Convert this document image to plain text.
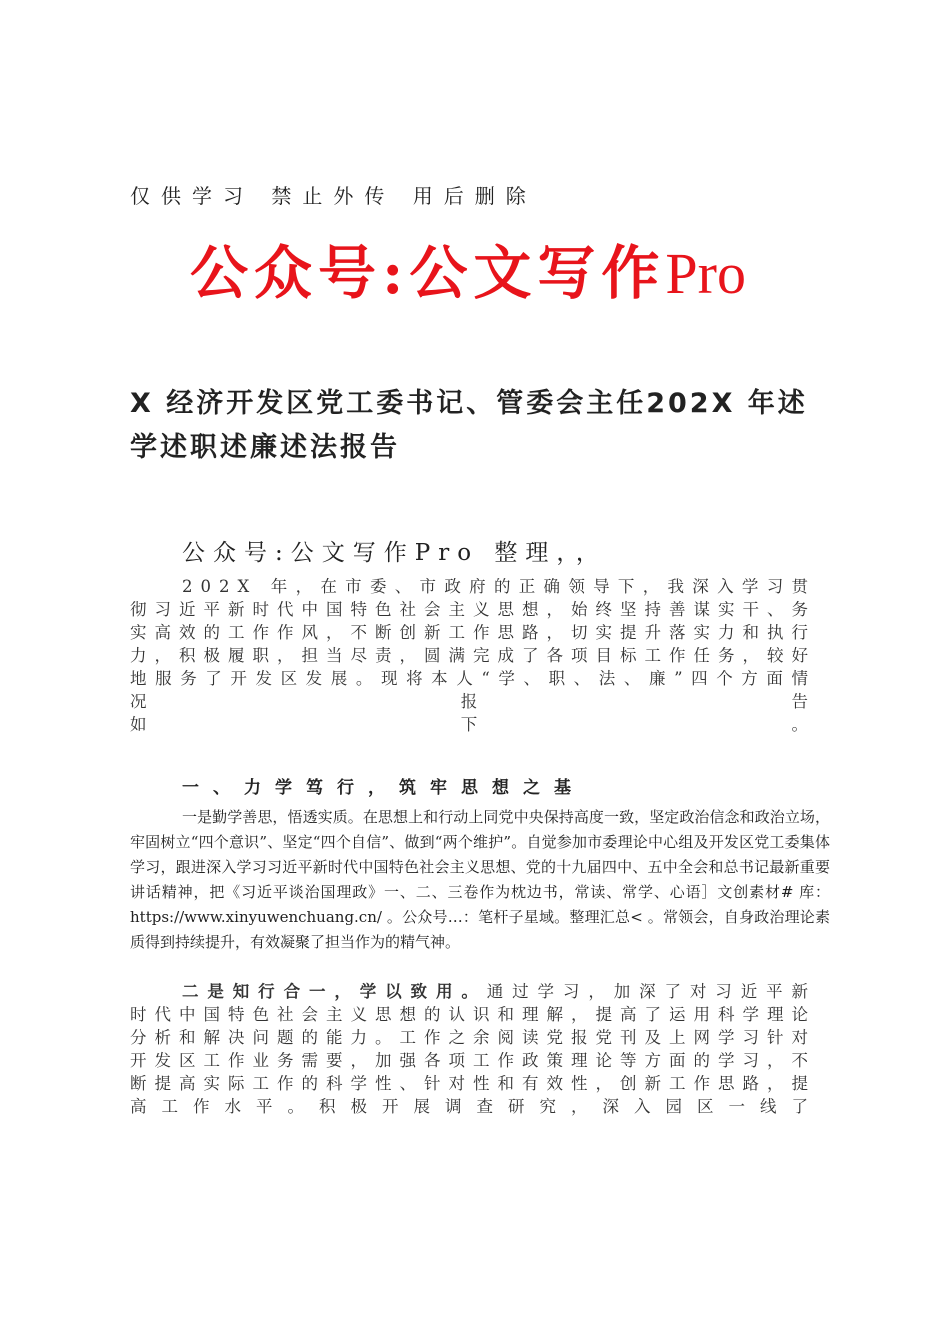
仅供学习 禁止外传 用后删除
公众号:公文写作Pro
X 经济开发区党工委书记、管委会主任202X 年述学述职述廉述法报告
公众号:公文写作Pro 整理，，
202X 年，在市委、市政府的正确领导下，我深入学习贯彻习近平新时代中国特色社会主义思想，始终坚持善谋实干、务实高效的工作作风，不断创新工作思路，切实提升落实力和执行力，积极履职，担当尽责，圆满完成了各项目标工作任务，较好地服务了开发区发展。现将本人“学、职、法、廉”四个方面情况报告
如下。
一、力学笃行，筑牢思想之基
一是勤学善思，悟透实质。在思想上和行动上同党中央保持高度一致，坚定政治信念和政治立场，牢固树立“四个意识”、坚定“四个自信”、做到“两个维护”。自觉参加市委理论中心组及开发区党工委集体学习，跟进深入学习习近平新时代中国特色社会主义思想、党的十九届四中、五中全会和总书记最新重要讲话精神，把《习近平谈治国理政》一、二、三卷作为枕边书，常读、常学、心语］文创素材# 库：https://www.xinyuwenchuang.cn/ 。公众号…：笔杆子星域。整理汇总< 。常领会，自身政治理论素质得到持续提升，有效凝聚了担当作为的精气神。
二是知行合一，学以致用。通过学习，加深了对习近平新时代中国特色社会主义思想的认识和理解，提高了运用科学理论分析和解决问题的能力。工作之余阅读党报党刊及上网学习针对开发区工作业务需要，加强各项工作政策理论等方面的学习，不断提高实际工作的科学性、针对性和有效性，创新工作思路，提高工作水平。积极开展调查研究，深入园区一线了
